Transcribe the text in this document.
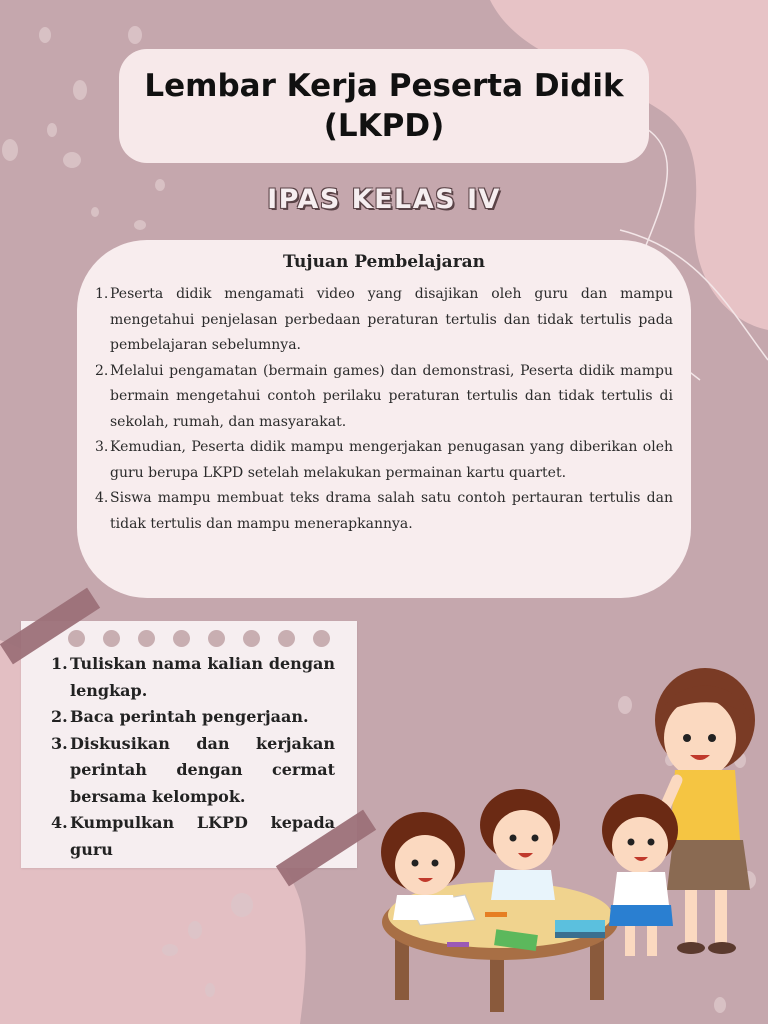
Lembar Kerja Peserta Didik (LKPD)
IPAS KELAS IV
Tujuan Pembelajaran
1. Peserta didik mengamati video yang disajikan oleh guru dan mampu mengetahui penjelasan perbedaan peraturan tertulis dan tidak tertulis pada pembelajaran sebelumnya.
2. Melalui pengamatan (bermain games) dan demonstrasi, Peserta didik mampu bermain mengetahui contoh perilaku peraturan tertulis dan tidak tertulis di sekolah, rumah, dan masyarakat.
3. Kemudian, Peserta didik mampu mengerjakan penugasan yang diberikan oleh guru berupa LKPD setelah melakukan permainan kartu quartet.
4. Siswa mampu membuat teks drama salah satu contoh pertauran tertulis dan tidak tertulis dan mampu menerapkannya.
1. Tuliskan nama kalian dengan lengkap.
2. Baca perintah pengerjaan.
3. Diskusikan dan kerjakan perintah dengan cermat bersama kelompok.
4. Kumpulkan LKPD kepada guru
